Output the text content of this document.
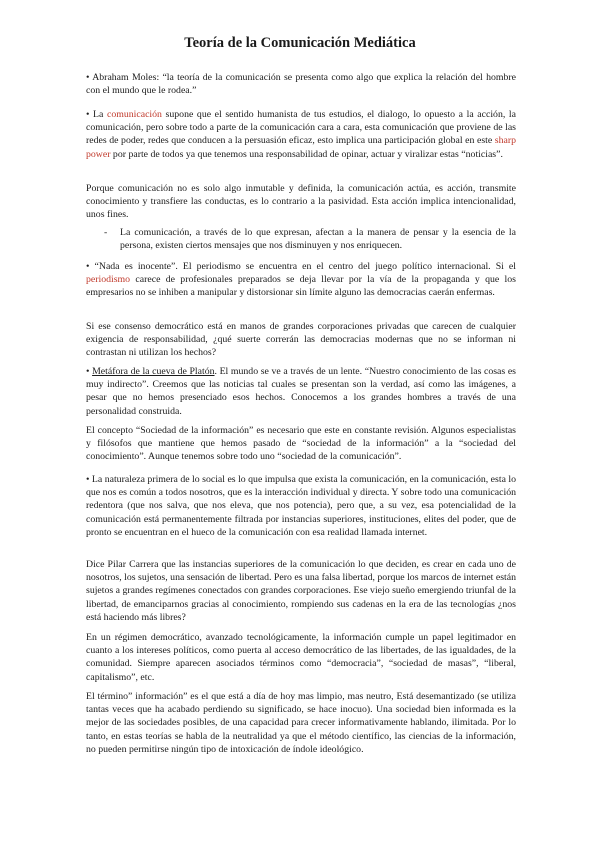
Teoría de la Comunicación Mediática

• Abraham Moles: “la teoría de la comunicación se presenta como algo que explica la relación del hombre con el mundo que le rodea.”

• La comunicación supone que el sentido humanista de tus estudios, el dialogo, lo opuesto a la acción, la comunicación, pero sobre todo a parte de la comunicación cara a cara, esta comunicación que proviene de las redes de poder, redes que conducen a la persuasión eficaz, esto implica una participación global en este sharp power por parte de todos ya que tenemos una responsabilidad de opinar, actuar y viralizar estas “noticias”.

Porque comunicación no es solo algo inmutable y definida, la comunicación actúa, es acción, transmite conocimiento y transfiere las conductas, es lo contrario a la pasividad. Esta acción implica intencionalidad, unos fines.

- La comunicación, a través de lo que expresan, afectan a la manera de pensar y la esencia de la persona, existen ciertos mensajes que nos disminuyen y nos enriquecen.

• “Nada es inocente”. El periodismo se encuentra en el centro del juego político internacional. Si el periodismo carece de profesionales preparados se deja llevar por la vía de la propaganda y que los empresarios no se inhiben a manipular y distorsionar sin límite alguno las democracias caerán enfermas.

Si ese consenso democrático está en manos de grandes corporaciones privadas que carecen de cualquier exigencia de responsabilidad, ¿qué suerte correrán las democracias modernas que no se informan ni contrastan ni utilizan los hechos?

• Metáfora de la cueva de Platón. El mundo se ve a través de un lente. “Nuestro conocimiento de las cosas es muy indirecto”. Creemos que las noticias tal cuales se presentan son la verdad, así como las imágenes, a pesar que no hemos presenciado esos hechos. Conocemos a los grandes hombres a través de una personalidad construida.

El concepto “Sociedad de la información” es necesario que este en constante revisión. Algunos especialistas y filósofos que mantiene que hemos pasado de “sociedad de la información” a la “sociedad del conocimiento”. Aunque tenemos sobre todo uno “sociedad de la comunicación”.

• La naturaleza primera de lo social es lo que impulsa que exista la comunicación, en la comunicación, esta lo que nos es común a todos nosotros, que es la interacción individual y directa. Y sobre todo una comunicación redentora (que nos salva, que nos eleva, que nos potencia), pero que, a su vez, esa potencialidad de la comunicación está permanentemente filtrada por instancias superiores, instituciones, elites del poder, que de pronto se encuentran en el hueco de la comunicación con esa realidad llamada internet.

Dice Pilar Carrera que las instancias superiores de la comunicación lo que deciden, es crear en cada uno de nosotros, los sujetos, una sensación de libertad. Pero es una falsa libertad, porque los marcos de internet están sujetos a grandes regímenes conectados con grandes corporaciones. Ese viejo sueño emergiendo triunfal de la libertad, de emanciparnos gracias al conocimiento, rompiendo sus cadenas en la era de las tecnologías ¿nos está haciendo más libres?

En un régimen democrático, avanzado tecnológicamente, la información cumple un papel legitimador en cuanto a los intereses políticos, como puerta al acceso democrático de las libertades, de las igualdades, de la comunidad. Siempre aparecen asociados términos como “democracia”, “sociedad de masas”, “liberal, capitalismo”, etc.

El término” información” es el que está a día de hoy mas limpio, mas neutro, Está desemantizado (se utiliza tantas veces que ha acabado perdiendo su significado, se hace inocuo). Una sociedad bien informada es la mejor de las sociedades posibles, de una capacidad para crecer informativamente hablando, ilimitada. Por lo tanto, en estas teorías se habla de la neutralidad ya que el método científico, las ciencias de la información, no pueden permitirse ningún tipo de intoxicación de índole ideológico.
